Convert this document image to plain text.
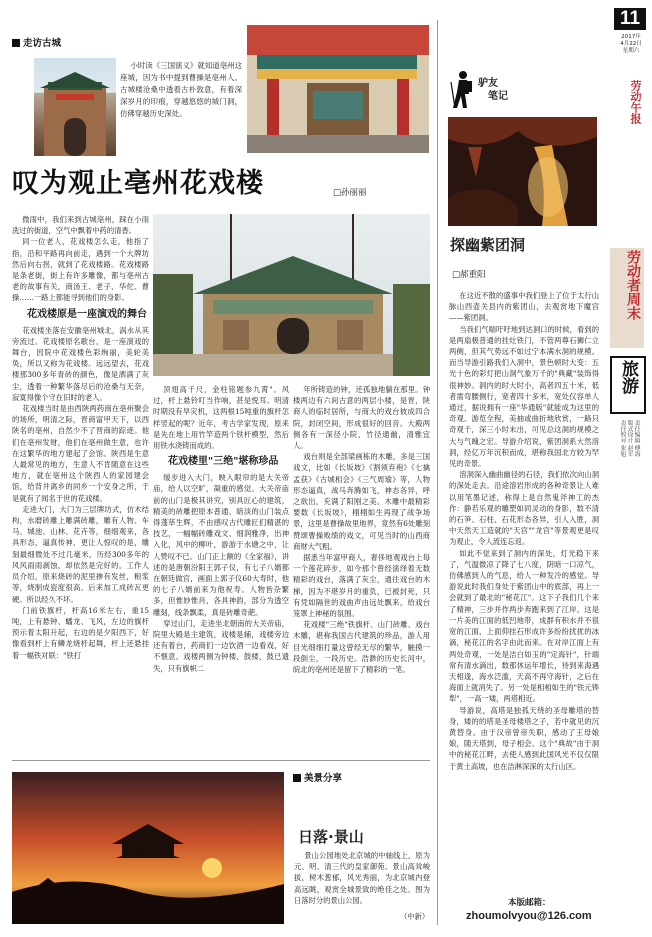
走访古城
小时读《三国演义》就知道亳州这座城，因为书中提到曹操是亳州人。古城楼沧桑中透着古朴敦意，有着深深岁月的印痕，穿越悠悠的城门洞，仿佛穿越历史深处。
叹为观止亳州花戏楼	□孙丽丽

微雨中，我们来到古城亳州，踩在小雨洗过的街道，空气中飘着中药的清香。

同一位老人，花戏楼怎么走，他指了指，沿和平路再向前走，遇到一个大牌坊然后向右拐，就到了花戏楼路。花戏楼路是条老街，街上有许多雕像，都与亳州古老的故事有关，商汤王、老子、华佗、曹操……一路上都能寻到他们的身影。

花戏楼原是一座演戏的舞台

花戏楼坐落在安徽亳州城北，涡水从其旁流过。花戏楼原名歌台，是一座演戏的舞台，因院中花戏楼色彩绚丽，美轮美奂，所以又称为花戏楼。远远望去，花戏楼那300多年青砖的颜色，像是洒满了灰尘，透着一种繁华落尽后的沧桑与无奈，寂寞得像个守在旧时的老人。

花戏楼当时是由西陕两药商在亳州聚会的场所，明清之际，晋商富甲天下，以西陕名的亳州，自然少不了晋商的踪迹。他们在亳州发财，他们在亳州做生意，也许在这繁华的地方建起了会馆。陕西是生意人最常见的地方，生意人不肯随意在这些地方，就在亳州这个陕西人的家园建会馆，给背井离乡的同乡一个安身之所，于是就有了闻名于世的花戏楼。

走进大门，大门为三层牌坊式，仿木结构，水磨砖雕上雕满砖雕，雕有人物、车马、城池、山林、花卉等，细细观来，各具形态，逼真传神，更让人惊叹的是，雕刻最细微处不过几毫米，历经300多年的风风雨雨剥蚀，却依然是完好的。工作人员介绍，原来烧砖的泥里掺有发丝，粮浆等，烧制成瓷度很高、后来加工成砖瓦更硬。所以经久不坏。

门前铁旗杆，杆高16米左右，重15吨，上有悬钟、蟠龙、飞风，左边的旗杆预示着太阳升起，右边的是夕阳西下，好像看到杆上有鳞龙烧杆起舞，杆上还悬挂着一幅铁对联："铁打

顶翅高千尺，金柱铭题参九霄"。风过，杆上悬铃叮当作响，甚是悦耳。明清时期没有旱灾机，这两根15吨重的旗杆怎样竖起的呢？近年，考古学家发现，原来是先在地上用竹竿造两个铁杆模型，然后用铁水浇铸而成的。

花戏楼里"三绝"堪称珍品

缓步进入大门，映入眼帘的是大关帝庙，给人以空旷，凝重的感觉。大关帝庙前的山门是极其讲究，别具匠心的建筑，精美的砖雕把原本普通、暗淡的山门装点得蓬荜生辉，不由感叹古代雕匠们精湛的技艺，一幅幅砖雕戏文、细润雅净，出神入化，风中的柳叶，游游于水塘之中，让人赞叹不已。山门正上额的《全家福》，讲述的是唐朝汾阳王郭子仪，有七子八婿都在朝廷做官，画面上郭子仪60大寿时，他的七子八婿前来为他祝寿。人物皆杂繁多，但惟妙惟肖，各具神韵，部分为透空雕刻，线条飘柔，真是砖雕奇葩。

穿过山门，走进坐北朝南的大关帝庙，院里大殿是主建筑，戏楼是辅，戏楼旁边还有着台，药商们一边饮酒一边看戏，好不惬意。戏楼两侧为钟楼、鼓楼，鼓已遗失，只有旗帜二

年所铸造的钟，还孤独地躺在那里。钟楼两边有六间古意的两层小楼，是晋，陕商人的临时居所，与商大的戏台彼成四合院，封闭空间，形成很好的回音。大殿两侧各有一深径小院，竹径通幽，清雅宜人。

戏台则是全部梁画栋的木雕，多是三国戏文，比如《长坂坡》《割须弃袍》《七擒孟获》《古城相会》《三气周瑜》等，人物形态逼真，战马奔腾如飞，神态各异，呼之欲出，充满了阳刚之美。木雕中最精彩要数《长坂坡》，栩栩如生再现了战争场景，这里是曹操故里地界，竟然有6处雕刻赞颂曹操败绩的戏文，可见当时的山西商商财大气粗。

据悉当年富甲商人，奢侈地观戏台上每一个莲花碎步，如今那个曾经演绎着无数精彩的戏台，落满了灰尘，通往戏台的木梯，因为不堪岁月的重负，已被封死，只有凭如隔世的戏曲声由远处飘来，给戏台笼罩上神秘的氛围。

花戏楼"三绝"铁旗杆、山门砖雕、戏台木雕，堪称我国古代建筑的珍品，游人用目光细细打量这曾经无尽的繁华，触摸一段倒尘，一段历史。浩渺的历史长河中，皖北的亳州还是留下了精彩的一笔。

美景分享
日落·景山
景山公园地处北京城的中轴线上，原为元、明、清三代的皇家御苑。景山高耸峻拔，树木葱郁，风光秀丽，为北京城内登高远眺，观赏全城景致的绝佳之处。图为日落时分的景山公园。
（中新）
驴友
笔记
探幽紫团洞
□郝重阳

在这近不散的盛事中我们登上了位于太行山脉山西壶关县内的紫团山，去观赏地下魔宫——紫团洞。

当我们气喘吁吁地到达洞口的时候，看到的是两扇极普通的挂灶铁门，不管两尊石狮仁立两侧，但其气势远不如过宁本满水洞的规模。而当导游引路我们入洞中，景色顿时大变：五光十色的彩灯把山洞气象万千的"典藏"装饰得很神妙。洞内的时大时小，高者四五十米，低者需弯腰侧行，宽者四十多米，宽处仅容单人通过，据说拥有一座"华通版"就能成为这里的奇观。游览全程，美抽或曲折地欣赏，一路只奇观千，深三小时未出，可见总这洞的规模之大与气魄之宏。导游介绍说，紫团洞系大然溶洞，经亿万年沉积而成，堪称我国北方较为罕见的奇景。

溶洞深入幽曲幽径的石径，我们依次向山洞的深处走去。沿途溶岩形成的各种奇景让人难以用笔墨记述，称得上是自然鬼斧神工的杰作：静若乐观的雕塑如同灵动的身影，数不清的石笋、石柱、石花形态各异，引人入胜，洞中天然天工造就的"天宫""龙宫"等景观更是叹为观止，令人流连忘返。

如此不觉来到了洞内的深处，灯光稳下来了，气温微凉了降了七八度，阴暗一口凉气，仿佛感到人的气息，给人一种发冷的感觉。导游说此时我们身处于紫团山中的底部，再上一会就到了最北的"秘花江"。这下子我们几个来了精神，三步并作两步奔跑来到了江岸。这是一片美的江面的低凹地带，成群有积水并不很宽的江面，上面仰挂石形成许多纷纷扰扰的冰滴，秘花江的名字由此而来。在对岸江面上有两处奇观，一处是洁白如玉的"定海针"，针端常有清水滴出，数那休运年增长，待到来海遇天相逢，海水泛滥，天高不再守海针，之后在海面上就消失了。另一处是相相如生的"铁元铧犁"，一高一矮，两塔相近。

导游说，高塔是独孤天绕的圣母雕塔的替身，矮的的塔是圣母楼塔之子，若中就见的沉黄替身。由于汉帝曾帝失职，感动了王母娘娘，随天塔到，母子相会。这个"典故"由于洞中的秘花江畔，去使人感到此国风光不仅仅限于黄土高坡，也在洁淋深深的太行山区。

本版邮箱：
zhoumolvyou@126.com
11
2017年
4月22日
星期六
劳动午报
劳动者周末
旅游
责任编辑 傅海
版式设计 赵军
责任校对 张旭
